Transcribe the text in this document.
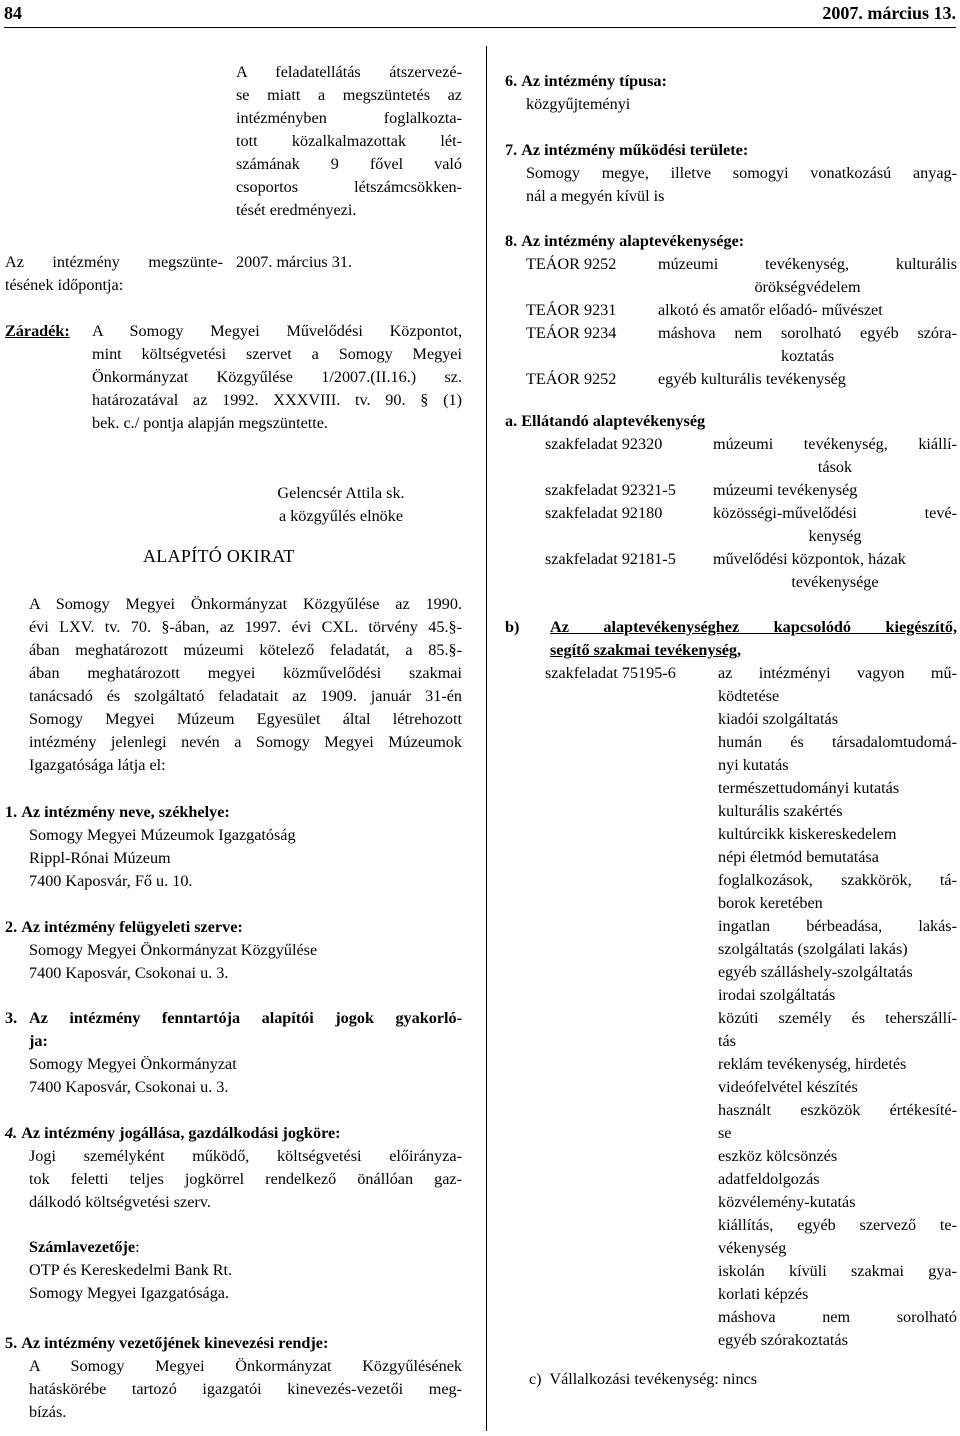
84	2007. március 13.
A feladatellátás átszervezé-
se miatt a megszüntetés az
intézményben foglalkozta-
tott közalkalmazottak lét-
számának 9 fővel való
csoportos létszámcsökken-
tését eredményezi.
Az intézmény megszünte-
tésének időpontja:
2007. március 31.
Záradék: A Somogy Megyei Művelődési Központot,
mint költségvetési szervet a Somogy Megyei
Önkormányzat Közgyűlése 1/2007.(II.16.) sz.
határozatával az 1992. XXXVIII. tv. 90. § (1)
bek. c./ pontja alapján megszüntette.
Gelencsér Attila sk.
a közgyűlés elnöke
ALAPÍTÓ OKIRAT
A Somogy Megyei Önkormányzat Közgyűlése az 1990.
évi LXV. tv. 70. §-ában, az 1997. évi CXL. törvény 45.§-
ában meghatározott múzeumi kötelező feladatát, a 85.§-
ában meghatározott megyei közművelődési szakmai
tanácsadó és szolgáltató feladatait az 1909. január 31-én
Somogy Megyei Múzeum Egyesület által létrehozott
intézmény jelenlegi nevén a Somogy Megyei Múzeumok
Igazgatósága látja el:
1. Az intézmény neve, székhelye:
Somogy Megyei Múzeumok Igazgatóság
Rippl-Rónai Múzeum
7400 Kaposvár, Fő u. 10.
2. Az intézmény felügyeleti szerve:
Somogy Megyei Önkormányzat Közgyűlése
7400 Kaposvár, Csokonai u. 3.
3. Az intézmény fenntartója alapítói jogok gyakorló-
ja:
Somogy Megyei Önkormányzat
7400 Kaposvár, Csokonai u. 3.
4. Az intézmény jogállása, gazdálkodási jogköre:
Jogi személyként működő, költségvetési előirányza-
tok feletti teljes jogkörrel rendelkező önállóan gaz-
dálkodó költségvetési szerv.
Számlavezetője:
OTP és Kereskedelmi Bank Rt.
Somogy Megyei Igazgatósága.
5. Az intézmény vezetőjének kinevezési rendje:
A Somogy Megyei Önkormányzat Közgyűlésének
hatáskörébe tartozó igazgatói kinevezés-vezetői meg-
bízás.
6. Az intézmény típusa:
közgyűjteményi
7. Az intézmény működési területe:
Somogy megye, illetve somogyi vonatkozású anyag-
nál a megyén kívül is
8. Az intézmény alaptevékenysége:
TEÁOR 9252	múzeumi tevékenység, kulturális
örökségvédelem
TEÁOR 9231	alkotó és amatőr előadó- művészet
TEÁOR 9234	máshova nem sorolható egyéb szóra-
koztatás
TEÁOR 9252	egyéb kulturális tevékenység
a. Ellátandó alaptevékenység
szakfeladat 92320	múzeumi tevékenység, kiállí-
tások
szakfeladat 92321-5	múzeumi tevékenység
szakfeladat 92180	közösségi-művelődési tevé-
kenység
szakfeladat 92181-5	művelődési központok, házak
tevékenysége
b)	Az alaptevékenységhez kapcsolódó kiegészítő,
segítő szakmai tevékenység,
szakfeladat 75195-6	az intézményi vagyon mű-
ködtetése
kiadói szolgáltatás
humán és társadalomtudomá-
nyi kutatás
természettudományi kutatás
kulturális szakértés
kultúrcikk kiskereskedelem
népi életmód bemutatása
foglalkozások, szakkörök, tá-
borok keretében
ingatlan bérbeadása, lakás-
szolgáltatás (szolgálati lakás)
egyéb szálláshely-szolgáltatás
irodai szolgáltatás
közúti személy és teherszállí-
tás
reklám tevékenység, hirdetés
videófelvétel készítés
használt eszközök értékesíté-
se
eszköz kölcsönzés
adatfeldolgozás
közvélemény-kutatás
kiállítás, egyéb szervező te-
vékenység
iskolán kívüli szakmai gya-
korlati képzés
máshova nem sorolható
egyéb szórakoztatás
c) Vállalkozási tevékenység: nincs
